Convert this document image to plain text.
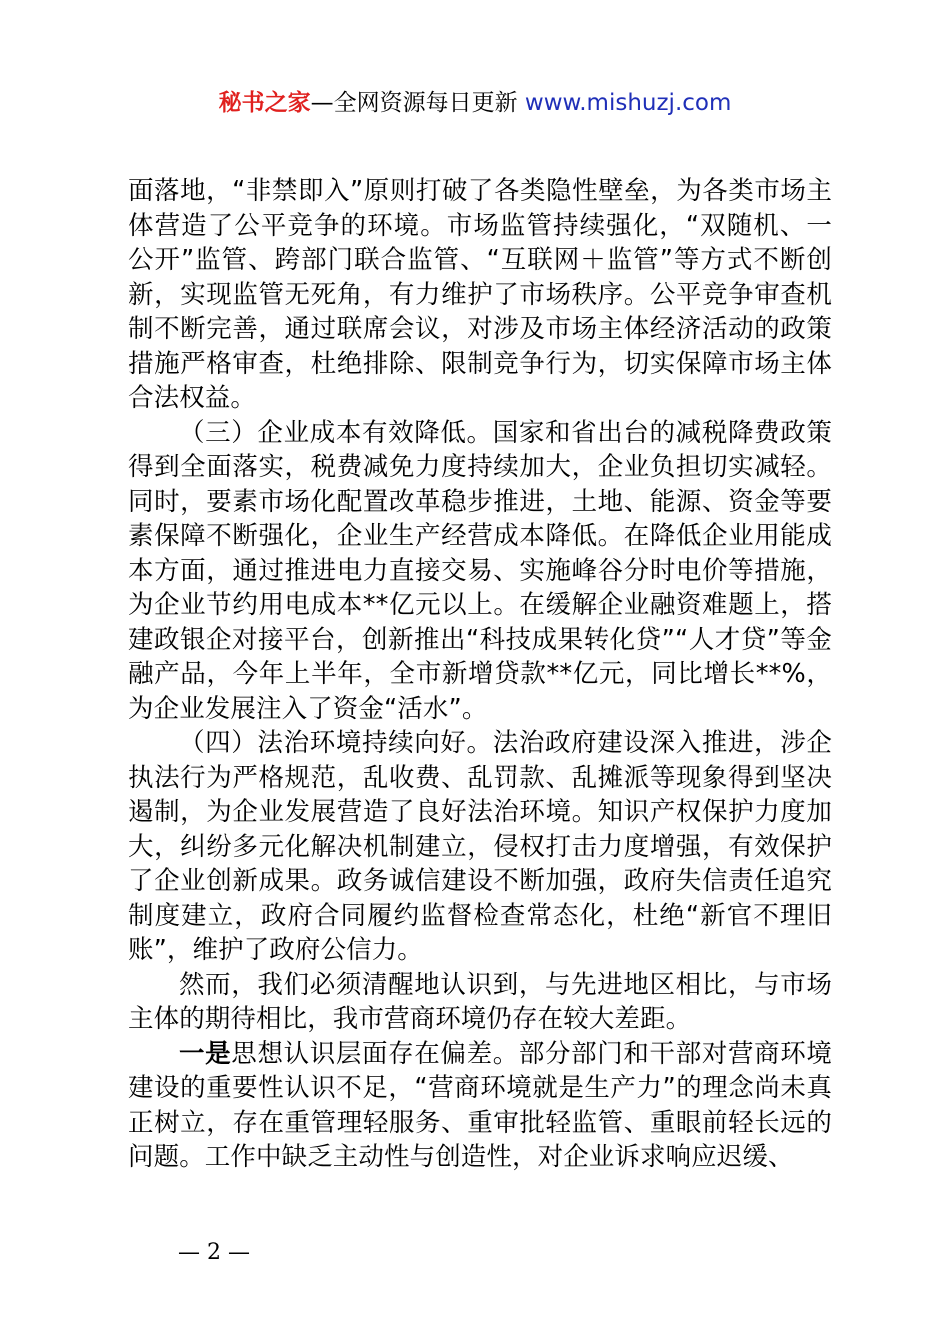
秘书之家—全网资源每日更新 www.mishuzj.com

面落地，“非禁即入”原则打破了各类隐性壁垒，为各类市场主体营造了公平竞争的环境。市场监管持续强化，“双随机、一公开”监管、跨部门联合监管、“互联网＋监管”等方式不断创新，实现监管无死角，有力维护了市场秩序。公平竞争审查机制不断完善，通过联席会议，对涉及市场主体经济活动的政策措施严格审查，杜绝排除、限制竞争行为，切实保障市场主体合法权益。

（三）企业成本有效降低。国家和省出台的减税降费政策得到全面落实，税费减免力度持续加大，企业负担切实减轻。同时，要素市场化配置改革稳步推进，土地、能源、资金等要素保障不断强化，企业生产经营成本降低。在降低企业用能成本方面，通过推进电力直接交易、实施峰谷分时电价等措施，为企业节约用电成本**亿元以上。在缓解企业融资难题上，搭建政银企对接平台，创新推出“科技成果转化贷”“人才贷”等金融产品，今年上半年，全市新增贷款**亿元，同比增长**%，为企业发展注入了资金“活水”。

（四）法治环境持续向好。法治政府建设深入推进，涉企执法行为严格规范，乱收费、乱罚款、乱摊派等现象得到坚决遏制，为企业发展营造了良好法治环境。知识产权保护力度加大，纠纷多元化解决机制建立，侵权打击力度增强，有效保护了企业创新成果。政务诚信建设不断加强，政府失信责任追究制度建立，政府合同履约监督检查常态化，杜绝“新官不理旧账”，维护了政府公信力。

然而，我们必须清醒地认识到，与先进地区相比，与市场主体的期待相比，我市营商环境仍存在较大差距。

一是思想认识层面存在偏差。部分部门和干部对营商环境建设的重要性认识不足，“营商环境就是生产力”的理念尚未真正树立，存在重管理轻服务、重审批轻监管、重眼前轻长远的问题。工作中缺乏主动性与创造性，对企业诉求响应迟缓、

— 2 —
